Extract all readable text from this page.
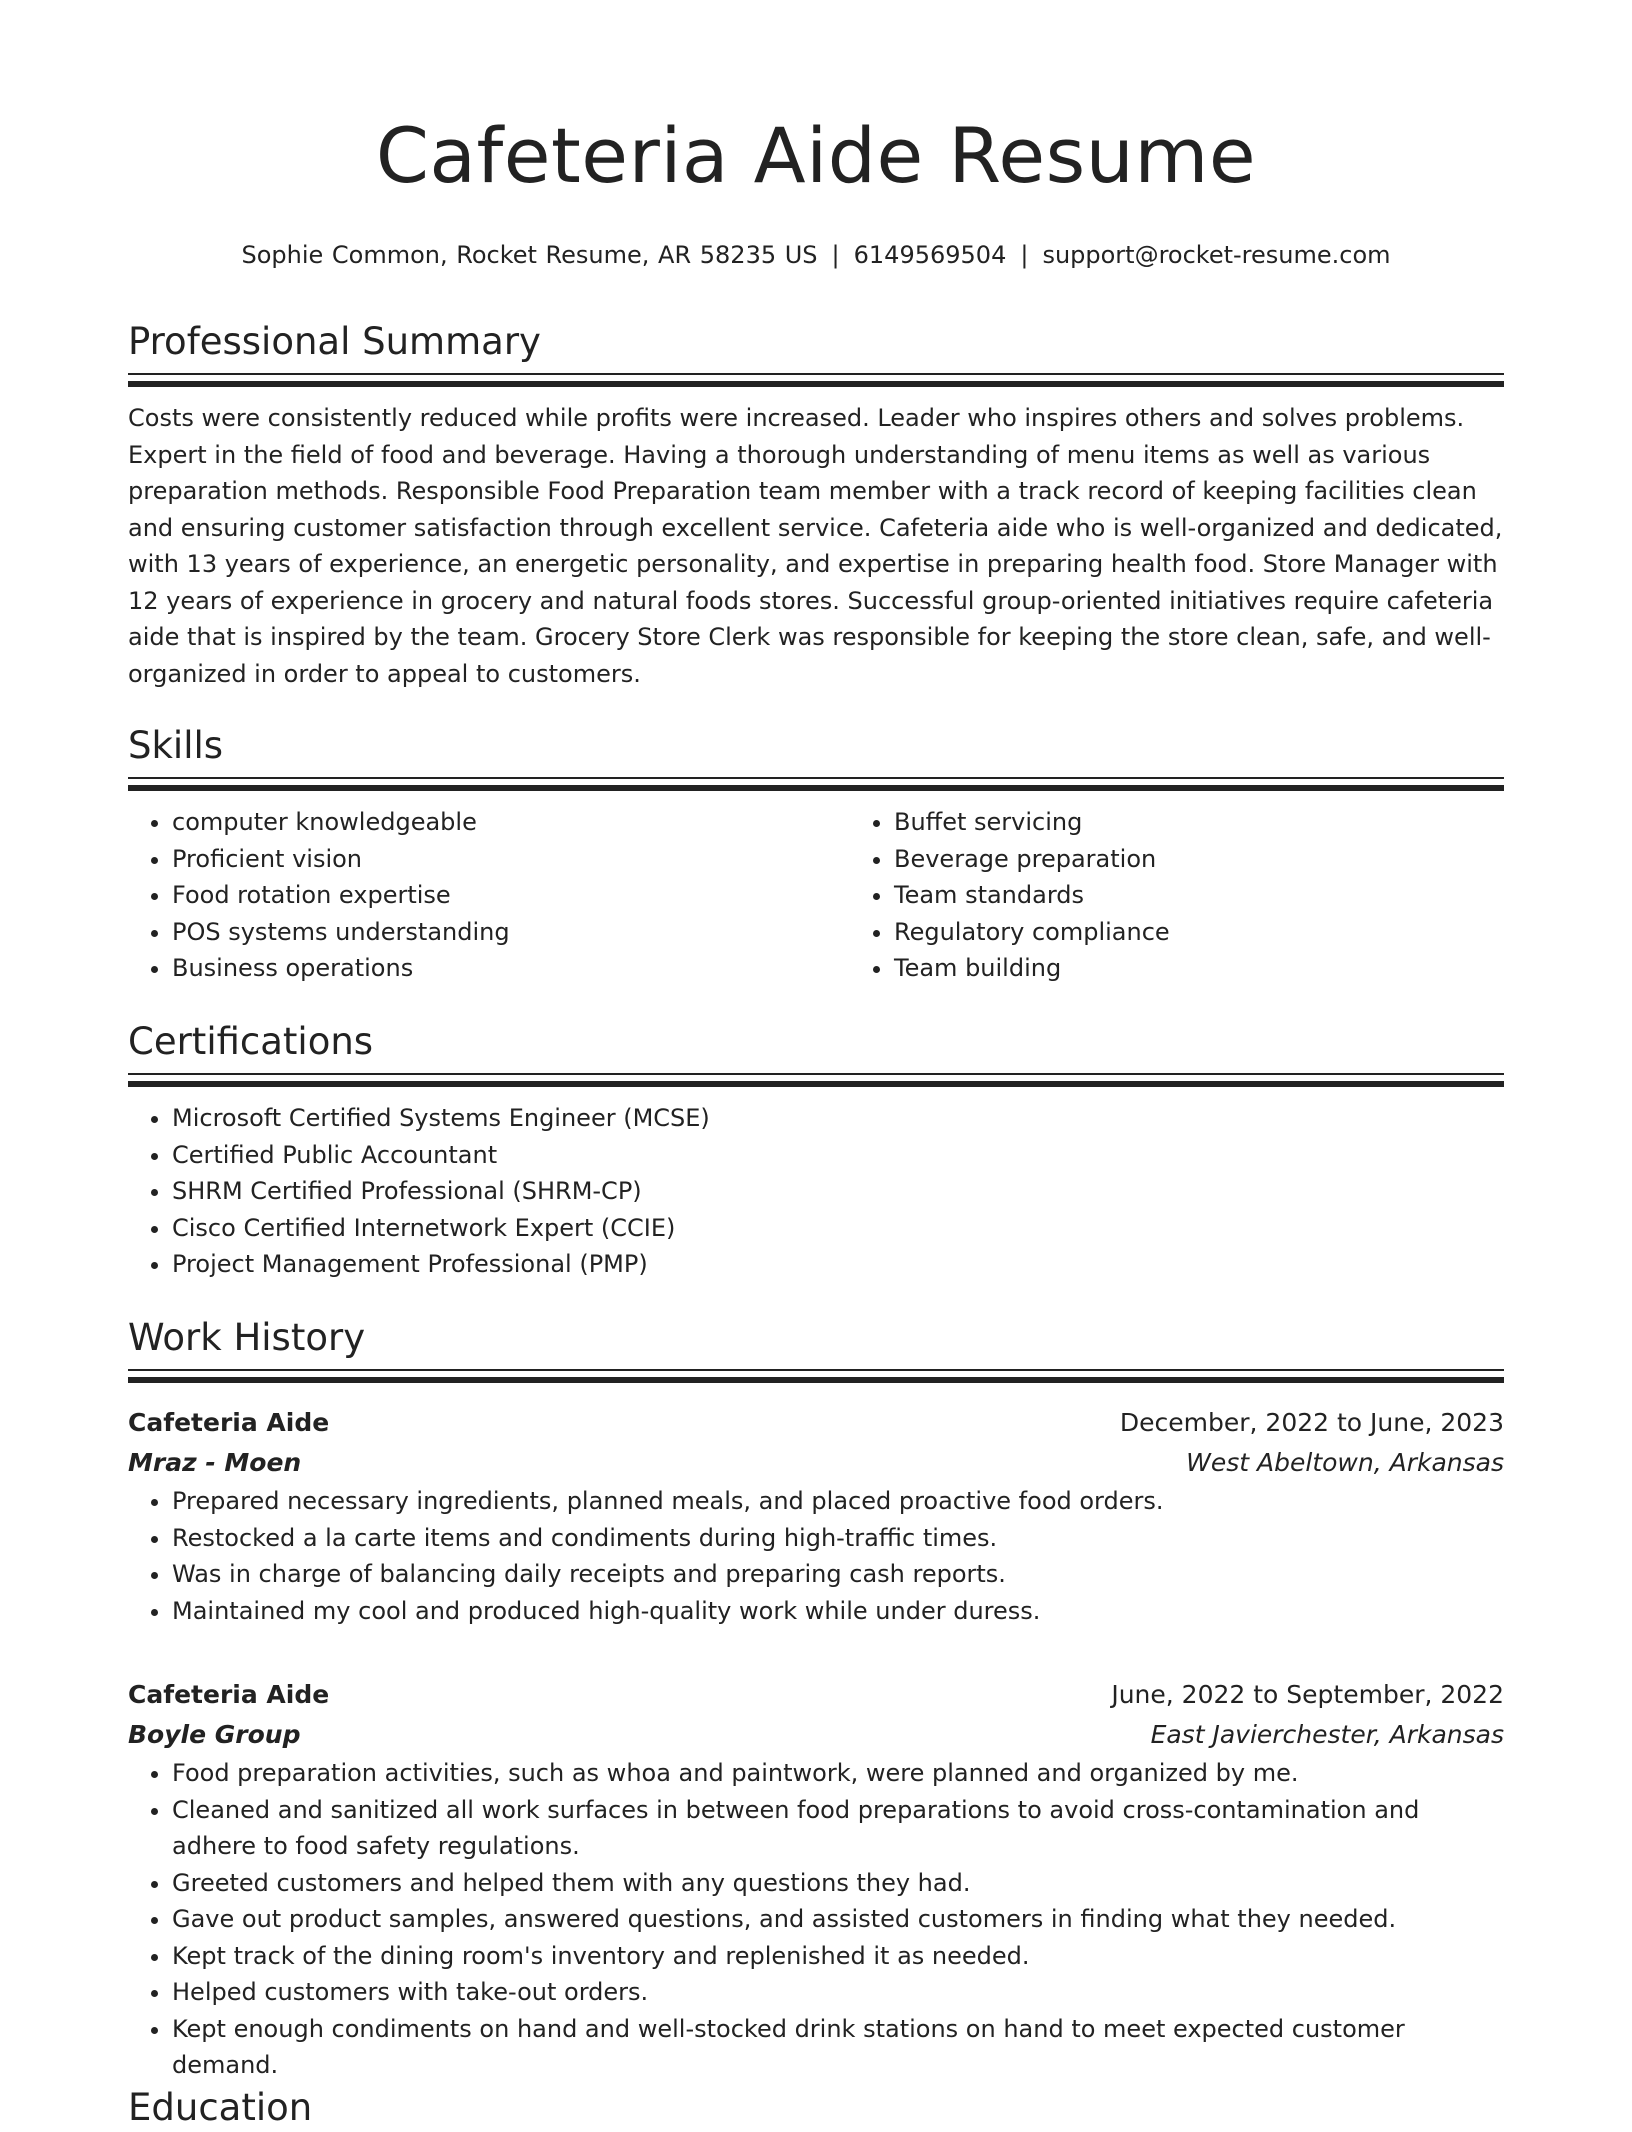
Cafeteria Aide Resume
Sophie Common, Rocket Resume, AR 58235 US | 6149569504 | support@rocket-resume.com
Professional Summary

Costs were consistently reduced while profits were increased. Leader who inspires others and solves problems. Expert in the field of food and beverage. Having a thorough understanding of menu items as well as various preparation methods. Responsible Food Preparation team member with a track record of keeping facilities clean and ensuring customer satisfaction through excellent service. Cafeteria aide who is well-organized and dedicated, with 13 years of experience, an energetic personality, and expertise in preparing health food. Store Manager with 12 years of experience in grocery and natural foods stores. Successful group-oriented initiatives require cafeteria aide that is inspired by the team. Grocery Store Clerk was responsible for keeping the store clean, safe, and well-organized in order to appeal to customers.

Skills
• computer knowledgeable
• Proficient vision
• Food rotation expertise
• POS systems understanding
• Business operations
• Buffet servicing
• Beverage preparation
• Team standards
• Regulatory compliance
• Team building
Certifications
• Microsoft Certified Systems Engineer (MCSE)
• Certified Public Accountant
• SHRM Certified Professional (SHRM-CP)
• Cisco Certified Internetwork Expert (CCIE)
• Project Management Professional (PMP)
Work History
Cafeteria Aide	December, 2022 to June, 2023
Mraz - Moen	West Abeltown, Arkansas
• Prepared necessary ingredients, planned meals, and placed proactive food orders.
• Restocked a la carte items and condiments during high-traffic times.
• Was in charge of balancing daily receipts and preparing cash reports.
• Maintained my cool and produced high-quality work while under duress.
Cafeteria Aide	June, 2022 to September, 2022
Boyle Group	East Javierchester, Arkansas
• Food preparation activities, such as whoa and paintwork, were planned and organized by me.
• Cleaned and sanitized all work surfaces in between food preparations to avoid cross-contamination and adhere to food safety regulations.
• Greeted customers and helped them with any questions they had.
• Gave out product samples, answered questions, and assisted customers in finding what they needed.
• Kept track of the dining room's inventory and replenished it as needed.
• Helped customers with take-out orders.
• Kept enough condiments on hand and well-stocked drink stations on hand to meet expected customer demand.
Education
